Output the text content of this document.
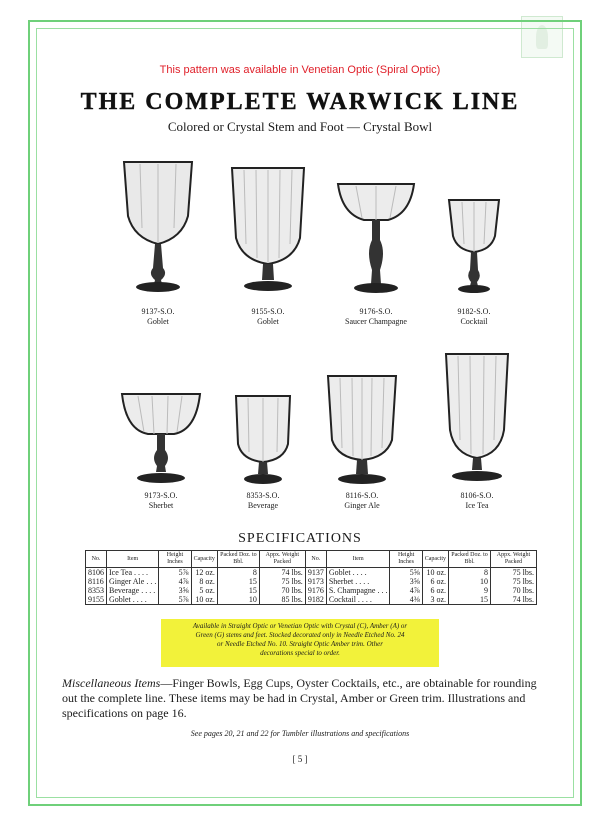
This pattern was available in Venetian Optic (Spiral Optic)
THE COMPLETE WARWICK LINE
Colored or Crystal Stem and Foot — Crystal Bowl
9137-S.O.
Goblet
9155-S.O.
Goblet
9176-S.O.
Saucer Champagne
9182-S.O.
Cocktail
9173-S.O.
Sherbet
8353-S.O.
Beverage
8116-S.O.
Ginger Ale
8106-S.O.
Ice Tea
SPECIFICATIONS
No.	Item	Height Inches	Capacity	Packed Doz. to Bbl.	Appx. Weight Packed	No.	Item	Height Inches	Capacity	Packed Doz. to Bbl.	Appx. Weight Packed
8106	Ice Tea . . . .	5⅞	12 oz.	8	74 lbs.	9137	Goblet . . . .	5⅝	10 oz.	8	75 lbs.
8116	Ginger Ale . . .	4⅞	8 oz.	15	75 lbs.	9173	Sherbet . . . .	3⅝	6 oz.	10	75 lbs.
8353	Beverage . . . .	3⅝	5 oz.	15	70 lbs.	9176	S. Champagne . . .	4⅞	6 oz.	9	70 lbs.
9155	Goblet . . . .	5⅞	10 oz.	10	85 lbs.	9182	Cocktail . . . .	4⅜	3 oz.	15	74 lbs.
Available in Straight Optic or Venetian Optic with Crystal (C), Amber (A) or
Green (G) stems and feet. Stocked decorated only in Needle Etched No. 24
or Needle Etched No. 10. Straight Optic Amber trim. Other
decorations special to order.
Miscellaneous Items—Finger Bowls, Egg Cups, Oyster Cocktails, etc., are obtainable for rounding out the complete line. These items may be had in Crystal, Amber or Green trim. Illustrations and specifications on page 16.
See pages 20, 21 and 22 for Tumbler illustrations and specifications
[ 5 ]
